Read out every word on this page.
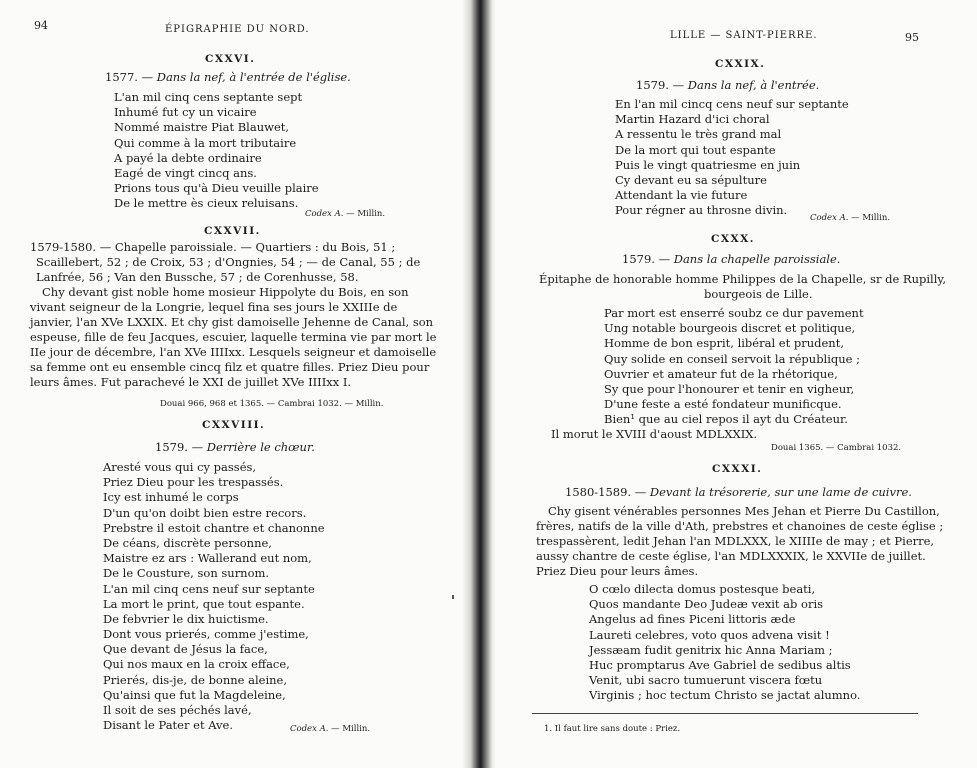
94	ÉPIGRAPHIE DU NORD.
CXXVI.
1577. — Dans la nef, à l'entrée de l'église.
L'an mil cinq cens septante sept
Inhumé fut cy un vicaire
Nommé maistre Piat Blauwet,
Qui comme à la mort tributaire
A payé la debte ordinaire
Eagé de vingt cincq ans.
Prions tous qu'à Dieu veuille plaire
De le mettre ès cieux reluisans.
Codex A. — Millin.
CXXVII.
1579-1580. — Chapelle paroissiale. — Quartiers : du Bois, 51 ;
Scaillebert, 52 ; de Croix, 53 ; d'Ongnies, 54 ; — de Canal, 55 ; de
Lanfrée, 56 ; Van den Bussche, 57 ; de Corenhusse, 58.
Chy devant gist noble home mosieur Hippolyte du Bois, en son
vivant seigneur de la Longrie, lequel fina ses jours le XXIIIe de
janvier, l'an XVe LXXIX. Et chy gist damoiselle Jehenne de Canal, son
espeuse, fille de feu Jacques, escuier, laquelle termina vie par mort le
IIe jour de décembre, l'an XVe IIIIxx. Lesquels seigneur et damoiselle
sa femme ont eu ensemble cincq filz et quatre filles. Priez Dieu pour
leurs âmes. Fut parachevé le XXI de juillet XVe IIIIxx I.
Douai 966, 968 et 1365. — Cambrai 1032. — Millin.
CXXVIII.
1579. — Derrière le chœur.
Aresté vous qui cy passés,
Priez Dieu pour les trespassés.
Icy est inhumé le corps
D'un qu'on doibt bien estre recors.
Prebstre il estoit chantre et chanonne
De céans, discrète personne,
Maistre ez ars : Wallerand eut nom,
De le Cousture, son surnom.
L'an mil cinq cens neuf sur septante
La mort le print, que tout espante.
De febvrier le dix huictisme.
Dont vous prierés, comme j'estime,
Que devant de Jésus la face,
Qui nos maux en la croix efface,
Prierés, dis-je, de bonne aleine,
Qu'ainsi que fut la Magdeleine,
Il soit de ses péchés lavé,
Disant le Pater et Ave.	Codex A. — Millin.
LILLE — SAINT-PIERRE.	95
CXXIX.
1579. — Dans la nef, à l'entrée.
En l'an mil cincq cens neuf sur septante
Martin Hazard d'ici choral
A ressentu le très grand mal
De la mort qui tout espante
Puis le vingt quatriesme en juin
Cy devant eu sa sépulture
Attendant la vie future
Pour régner au throsne divin.
Codex A. — Millin.
CXXX.
1579. — Dans la chapelle paroissiale.
Épitaphe de honorable homme Philippes de la Chapelle, sr de Rupilly,
bourgeois de Lille.
Par mort est enserré soubz ce dur pavement
Ung notable bourgeois discret et politique,
Homme de bon esprit, libéral et prudent,
Quy solide en conseil servoit la république ;
Ouvrier et amateur fut de la rhétorique,
Sy que pour l'honourer et tenir en vigheur,
D'une feste a esté fondateur munificque.
Bien¹ que au ciel repos il ayt du Créateur.
Il morut le XVIII d'aoust MDLXXIX.
Douai 1365. — Cambrai 1032.
CXXXI.
1580-1589. — Devant la trésorerie, sur une lame de cuivre.
Chy gisent vénérables personnes Mes Jehan et Pierre Du Castillon,
frères, natifs de la ville d'Ath, prebstres et chanoines de ceste église ;
trespassèrent, ledit Jehan l'an MDLXXX, le XIIIIe de may ; et Pierre,
aussy chantre de ceste église, l'an MDLXXXIX, le XXVIIe de juillet.
Priez Dieu pour leurs âmes.
O cœlo dilecta domus postesque beati,
Quos mandante Deo Judeæ vexit ab oris
Angelus ad fines Piceni littoris æde
Laureti celebres, voto quos advena visit !
Jessæam fudit genitrix hic Anna Mariam ;
Huc promptarus Ave Gabriel de sedibus altis
Venit, ubi sacro tumuerunt viscera fœtu
Virginis ; hoc tectum Christo se jactat alumno.
1. Il faut lire sans doute : Priez.
